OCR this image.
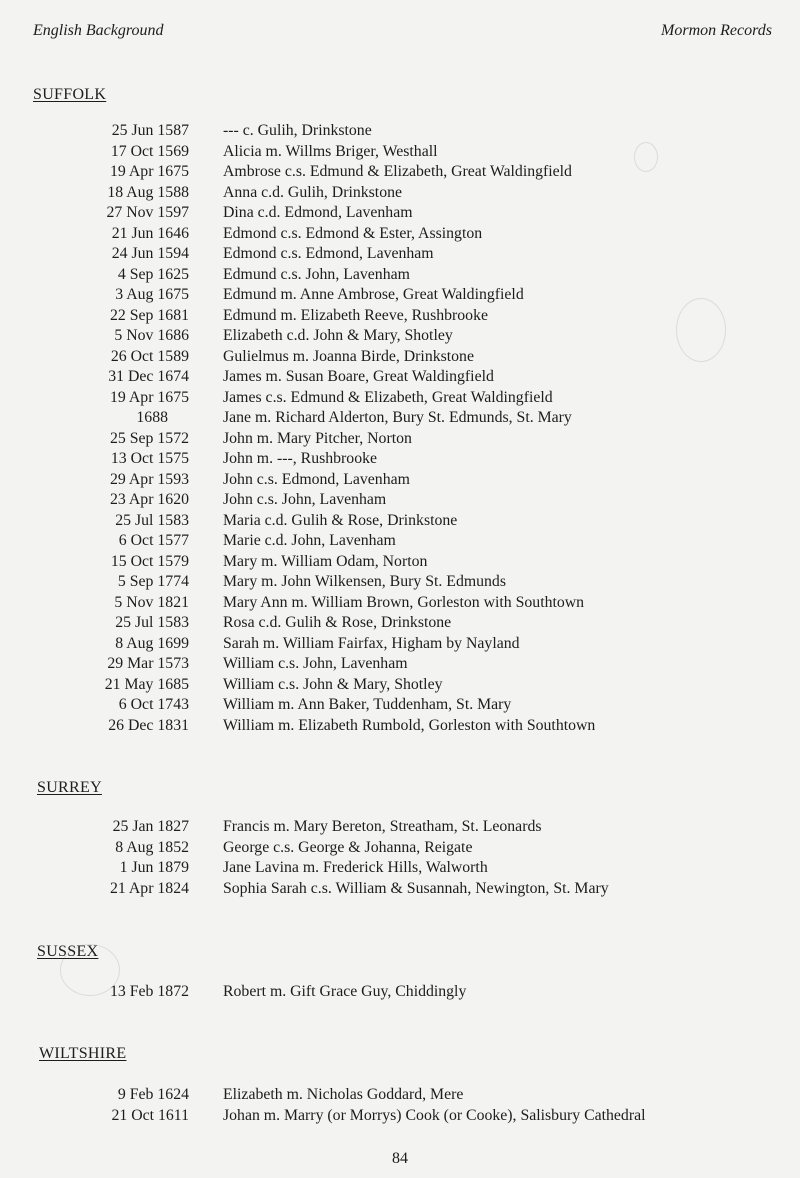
English Background	Mormon Records
SUFFOLK
25 Jun 1587 --- c. Gulih, Drinkstone
17 Oct 1569 Alicia m. Willms Briger, Westhall
19 Apr 1675 Ambrose c.s. Edmund & Elizabeth, Great Waldingfield
18 Aug 1588 Anna c.d. Gulih, Drinkstone
27 Nov 1597 Dina c.d. Edmond, Lavenham
21 Jun 1646 Edmond c.s. Edmond & Ester, Assington
24 Jun 1594 Edmond c.s. Edmond, Lavenham
4 Sep 1625 Edmund c.s. John, Lavenham
3 Aug 1675 Edmund m. Anne Ambrose, Great Waldingfield
22 Sep 1681 Edmund m. Elizabeth Reeve, Rushbrooke
5 Nov 1686 Elizabeth c.d. John & Mary, Shotley
26 Oct 1589 Gulielmus m. Joanna Birde, Drinkstone
31 Dec 1674 James m. Susan Boare, Great Waldingfield
19 Apr 1675 James c.s. Edmund & Elizabeth, Great Waldingfield
1688	Jane m. Richard Alderton, Bury St. Edmunds, St. Mary
25 Sep 1572 John m. Mary Pitcher, Norton
13 Oct 1575 John m. ---, Rushbrooke
29 Apr 1593 John c.s. Edmond, Lavenham
23 Apr 1620 John c.s. John, Lavenham
25 Jul 1583 Maria c.d. Gulih & Rose, Drinkstone
6 Oct 1577 Marie c.d. John, Lavenham
15 Oct 1579 Mary m. William Odam, Norton
5 Sep 1774 Mary m. John Wilkensen, Bury St. Edmunds
5 Nov 1821 Mary Ann m. William Brown, Gorleston with Southtown
25 Jul 1583 Rosa c.d. Gulih & Rose, Drinkstone
8 Aug 1699 Sarah m. William Fairfax, Higham by Nayland
29 Mar 1573 William c.s. John, Lavenham
21 May 1685 William c.s. John & Mary, Shotley
6 Oct 1743 William m. Ann Baker, Tuddenham, St. Mary
26 Dec 1831 William m. Elizabeth Rumbold, Gorleston with Southtown
SURREY
25 Jan 1827 Francis m. Mary Bereton, Streatham, St. Leonards
8 Aug 1852 George c.s. George & Johanna, Reigate
1 Jun 1879 Jane Lavina m. Frederick Hills, Walworth
21 Apr 1824 Sophia Sarah c.s. William & Susannah, Newington, St. Mary
SUSSEX
13 Feb 1872 Robert m. Gift Grace Guy, Chiddingly
WILTSHIRE
9 Feb 1624 Elizabeth m. Nicholas Goddard, Mere
21 Oct 1611 Johan m. Marry (or Morrys) Cook (or Cooke), Salisbury Cathedral
84
